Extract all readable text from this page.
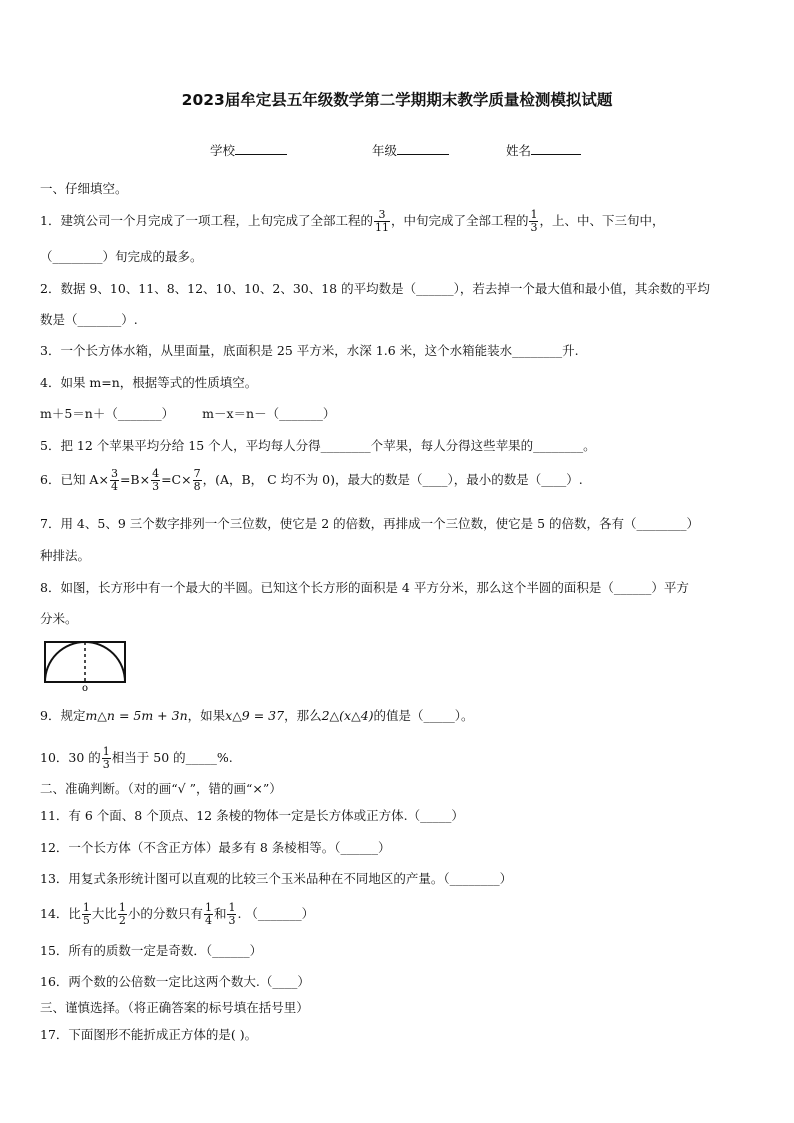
2023届牟定县五年级数学第二学期期末教学质量检测模拟试题
学校	年级	姓名
一、仔细填空。
1．建筑公司一个月完成了一项工程，上旬完成了全部工程的 $\frac{3}{11}$ ，中旬完成了全部工程的 $\frac{1}{3}$ ，上、中、下三旬中，
（________）旬完成的最多。
2．数据 9、10、11、8、12、10、10、2、30、18 的平均数是（______），若去掉一个最大值和最小值，其余数的平均
数是（_______）.
3．一个长方体水箱，从里面量，底面积是 25 平方米，水深 1.6 米，这个水箱能装水________升.
4．如果 m=n，根据等式的性质填空。
m＋5＝n＋（_______） m－x＝n－（_______）
5．把 12 个苹果平均分给 15 个人，平均每人分得________个苹果，每人分得这些苹果的________。
6．已知 $A\times \frac{3}{4} =B\times \frac{4}{3} =C\times \frac{7}{8}$ ，(A，B， C 均不为 0)，最大的数是（____），最小的数是（____）.
7．用 4、5、9 三个数字排列一个三位数，使它是 2 的倍数，再排成一个三位数，使它是 5 的倍数，各有（________）
种排法。
8．如图，长方形中有一个最大的半圆。已知这个长方形的面积是 4 平方分米，那么这个半圆的面积是（______）平方
分米。
o
9．规定m△n = 5m + 3n，如果x△9 = 37，那么2△(x△4)的值是（_____）。
10．30 的 $\frac{1}{3}$ 相当于 50 的_____%.
二、准确判断。（对的画“√ ”，错的画“×”）
11．有 6 个面、8 个顶点、12 条棱的物体一定是长方体或正方体.（_____）
12．一个长方体（不含正方体）最多有 8 条棱相等。（______）
13．用复式条形统计图可以直观的比较三个玉米品种在不同地区的产量。（________）
14．比 $\frac{1}{5}$ 大比 $\frac{1}{2}$ 小的分数只有 $\frac{1}{4}$ 和 $\frac{1}{3}$ . （_______）
15．所有的质数一定是奇数．（______）
16．两个数的公倍数一定比这两个数大.（____）
三、谨慎选择。（将正确答案的标号填在括号里）
17．下面图形不能折成正方体的是( )。
